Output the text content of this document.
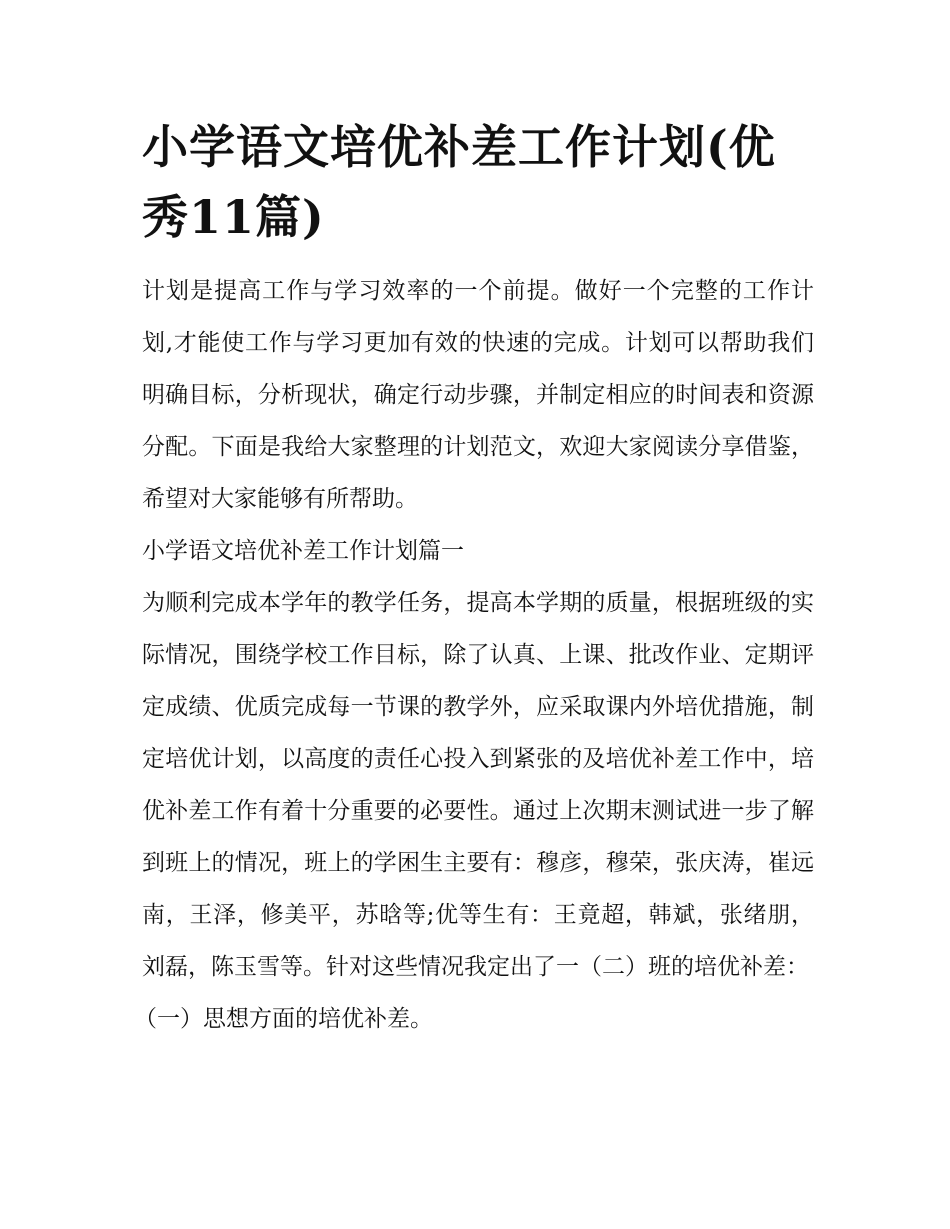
小学语文培优补差工作计划(优秀11篇)

计划是提高工作与学习效率的一个前提。做好一个完整的工作计划,才能使工作与学习更加有效的快速的完成。计划可以帮助我们明确目标，分析现状，确定行动步骤，并制定相应的时间表和资源分配。下面是我给大家整理的计划范文，欢迎大家阅读分享借鉴，希望对大家能够有所帮助。

小学语文培优补差工作计划篇一

为顺利完成本学年的教学任务，提高本学期的质量，根据班级的实际情况，围绕学校工作目标，除了认真、上课、批改作业、定期评定成绩、优质完成每一节课的教学外，应采取课内外培优措施，制定培优计划，以高度的责任心投入到紧张的及培优补差工作中，培优补差工作有着十分重要的必要性。通过上次期末测试进一步了解到班上的情况，班上的学困生主要有：穆彦，穆荣，张庆涛，崔远南，王泽，修美平，苏晗等;优等生有：王竟超，韩斌，张绪朋，刘磊，陈玉雪等。针对这些情况我定出了一（二）班的培优补差：

（一）思想方面的培优补差。
